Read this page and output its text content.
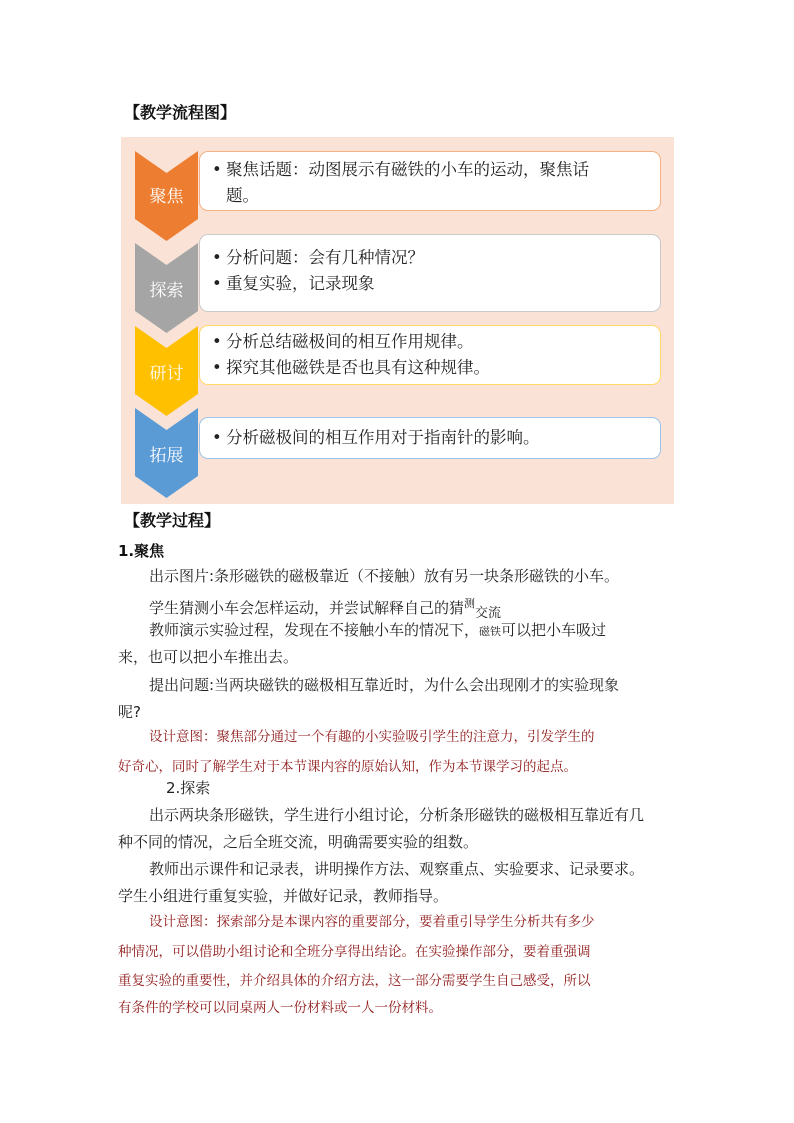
【教学流程图】
聚焦
• 聚焦话题：动图展示有磁铁的小车的运动，聚焦话
题。
探索
• 分析问题：会有几种情况？
• 重复实验，记录现象
研讨
• 分析总结磁极间的相互作用规律。
• 探究其他磁铁是否也具有这种规律。
拓展
• 分析磁极间的相互作用对于指南针的影响。
【教学过程】
1.聚焦
出示图片:条形磁铁的磁极靠近（不接触）放有另一块条形磁铁的小车。
学生猜测小车会怎样运动，并尝试解释自己的猜$^测$交流
教师演示实验过程，发现在不接触小车的情况下，磁铁可以把小车吸过
来，也可以把小车推出去。
提出问题:当两块磁铁的磁极相互靠近时，为什么会出现刚才的实验现象
呢?
设计意图：聚焦部分通过一个有趣的小实验吸引学生的注意力，引发学生的
好奇心，同时了解学生对于本节课内容的原始认知，作为本节课学习的起点。
2.探索
出示两块条形磁铁，学生进行小组讨论，分析条形磁铁的磁极相互靠近有几
种不同的情况，之后全班交流，明确需要实验的组数。
教师出示课件和记录表，讲明操作方法、观察重点、实验要求、记录要求。
学生小组进行重复实验，并做好记录，教师指导。
设计意图：探索部分是本课内容的重要部分，要着重引导学生分析共有多少
种情况，可以借助小组讨论和全班分享得出结论。在实验操作部分，要着重强调
重复实验的重要性，并介绍具体的介绍方法，这一部分需要学生自己感受，所以
有条件的学校可以同桌两人一份材料或一人一份材料。
